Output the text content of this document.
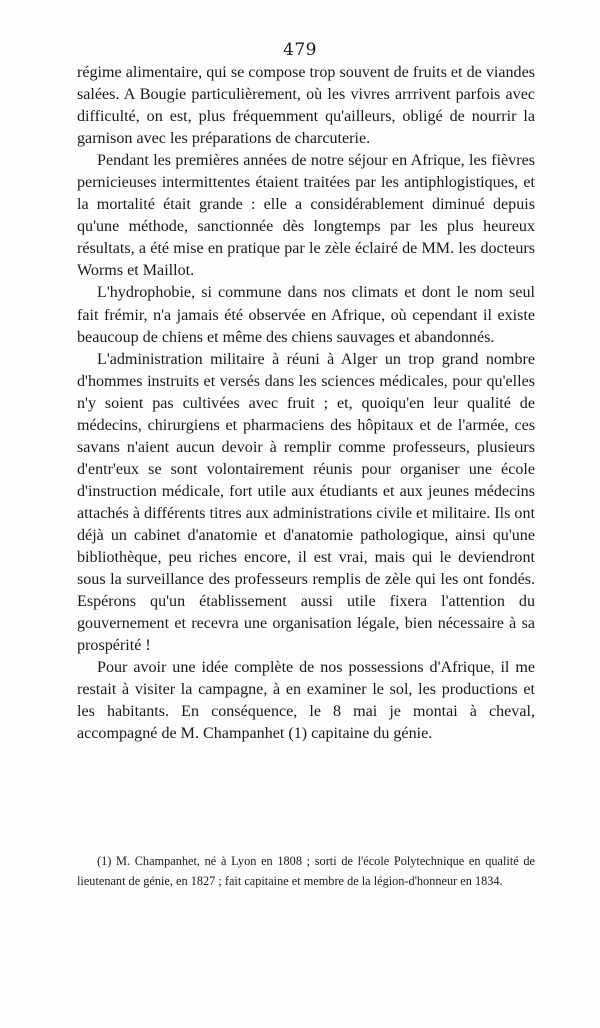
479

régime alimentaire, qui se compose trop souvent de fruits et de viandes salées. A Bougie particulièrement, où les vivres arrrivent parfois avec difficulté, on est, plus fréquemment qu'ailleurs, obligé de nourrir la garnison avec les préparations de charcuterie.

Pendant les premières années de notre séjour en Afrique, les fièvres pernicieuses intermittentes étaient traitées par les antiphlogistiques, et la mortalité était grande : elle a considérablement diminué depuis qu'une méthode, sanctionnée dès longtemps par les plus heureux résultats, a été mise en pratique par le zèle éclairé de MM. les docteurs Worms et Maillot.

L'hydrophobie, si commune dans nos climats et dont le nom seul fait frémir, n'a jamais été observée en Afrique, où cependant il existe beaucoup de chiens et même des chiens sauvages et abandonnés.

L'administration militaire à réuni à Alger un trop grand nombre d'hommes instruits et versés dans les sciences médicales, pour qu'elles n'y soient pas cultivées avec fruit ; et, quoiqu'en leur qualité de médecins, chirurgiens et pharmaciens des hôpitaux et de l'armée, ces savans n'aient aucun devoir à remplir comme professeurs, plusieurs d'entr'eux se sont volontairement réunis pour organiser une école d'instruction médicale, fort utile aux étudiants et aux jeunes médecins attachés à différents titres aux administrations civile et militaire. Ils ont déjà un cabinet d'anatomie et d'anatomie pathologique, ainsi qu'une bibliothèque, peu riches encore, il est vrai, mais qui le deviendront sous la surveillance des professeurs remplis de zèle qui les ont fondés. Espérons qu'un établissement aussi utile fixera l'attention du gouvernement et recevra une organisation légale, bien nécessaire à sa prospérité !

Pour avoir une idée complète de nos possessions d'Afrique, il me restait à visiter la campagne, à en examiner le sol, les productions et les habitants. En conséquence, le 8 mai je montai à cheval, accompagné de M. Champanhet (1) capitaine du génie.

(1) M. Champanhet, né à Lyon en 1808 ; sorti de l'école Polytechnique en qualité de lieutenant de génie, en 1827 ; fait capitaine et membre de la légion-d'honneur en 1834.
